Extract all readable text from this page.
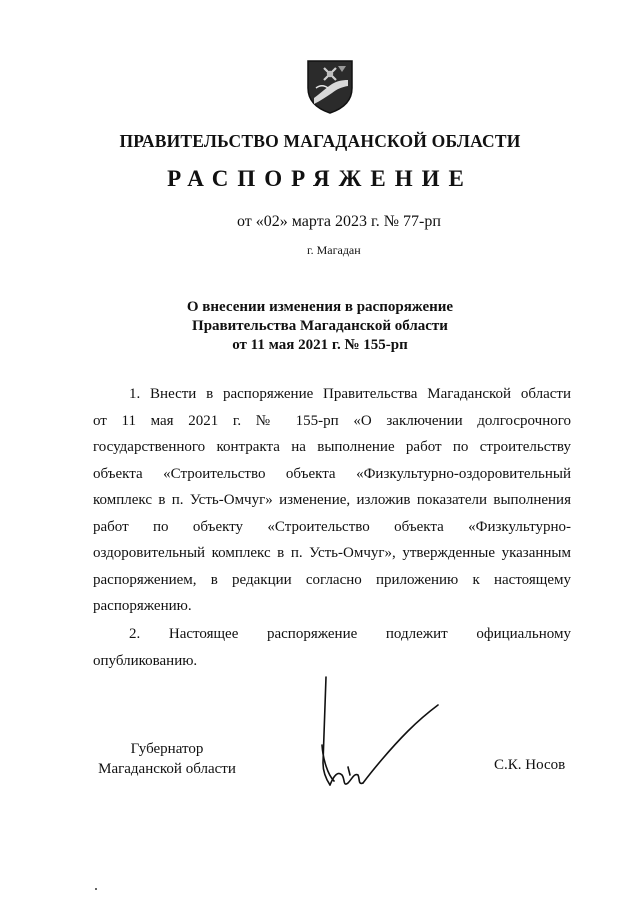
ПРАВИТЕЛЬСТВО МАГАДАНСКОЙ ОБЛАСТИ
РАСПОРЯЖЕНИЕ
от «02» марта 2023 г. № 77-рп
г. Магадан
О внесении изменения в распоряжение
Правительства Магаданской области
от 11 мая 2021 г. № 155-рп
1. Внести в распоряжение Правительства Магаданской области
от 11 мая 2021 г. № 155-рп «О заключении долгосрочного
государственного контракта на выполнение работ по строительству
объекта «Строительство объекта «Физкультурно-оздоровительный
комплекс в п. Усть-Омчуг» изменение, изложив показатели выполнения
работ по объекту «Строительство объекта «Физкультурно-
оздоровительный комплекс в п. Усть-Омчуг», утвержденные указанным
распоряжением, в редакции согласно приложению к настоящему
распоряжению.
2. Настоящее распоряжение подлежит официальному
опубликованию.
Губернатор
Магаданской области	С.К. Носов
